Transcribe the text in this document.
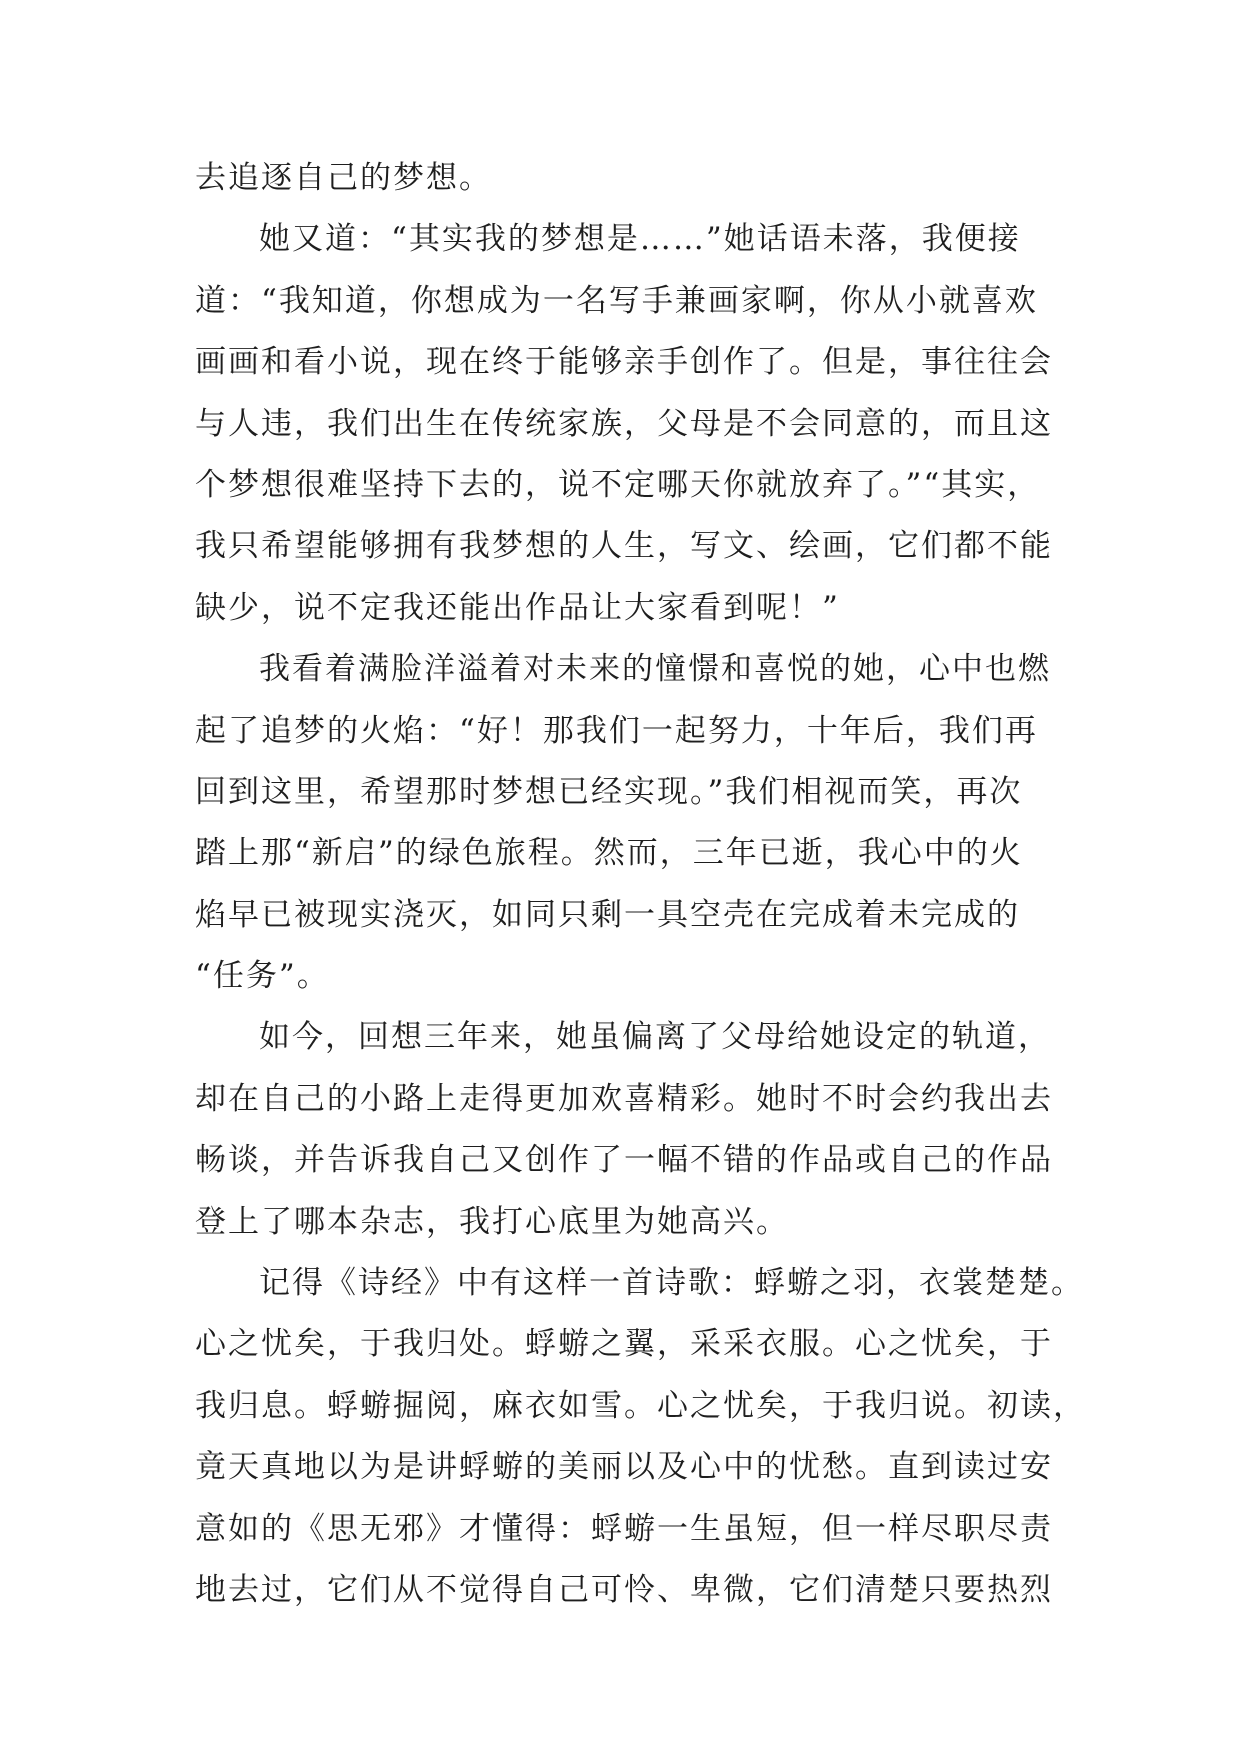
去追逐自己的梦想。
她又道：“其实我的梦想是……”她话语未落，我便接
道：“我知道，你想成为一名写手兼画家啊，你从小就喜欢
画画和看小说，现在终于能够亲手创作了。但是，事往往会
与人违，我们出生在传统家族，父母是不会同意的，而且这
个梦想很难坚持下去的，说不定哪天你就放弃了。”“其实，
我只希望能够拥有我梦想的人生，写文、绘画，它们都不能
缺少，说不定我还能出作品让大家看到呢！”
我看着满脸洋溢着对未来的憧憬和喜悦的她，心中也燃
起了追梦的火焰：“好！那我们一起努力，十年后，我们再
回到这里，希望那时梦想已经实现。”我们相视而笑，再次
踏上那“新启”的绿色旅程。然而，三年已逝，我心中的火
焰早已被现实浇灭，如同只剩一具空壳在完成着未完成的
“任务”。
如今，回想三年来，她虽偏离了父母给她设定的轨道，
却在自己的小路上走得更加欢喜精彩。她时不时会约我出去
畅谈，并告诉我自己又创作了一幅不错的作品或自己的作品
登上了哪本杂志，我打心底里为她高兴。
记得《诗经》中有这样一首诗歌：蜉蝣之羽，衣裳楚楚。
心之忧矣，于我归处。蜉蝣之翼，采采衣服。心之忧矣，于
我归息。蜉蝣掘阅，麻衣如雪。心之忧矣，于我归说。初读，
竟天真地以为是讲蜉蝣的美丽以及心中的忧愁。直到读过安
意如的《思无邪》才懂得：蜉蝣一生虽短，但一样尽职尽责
地去过，它们从不觉得自己可怜、卑微，它们清楚只要热烈
